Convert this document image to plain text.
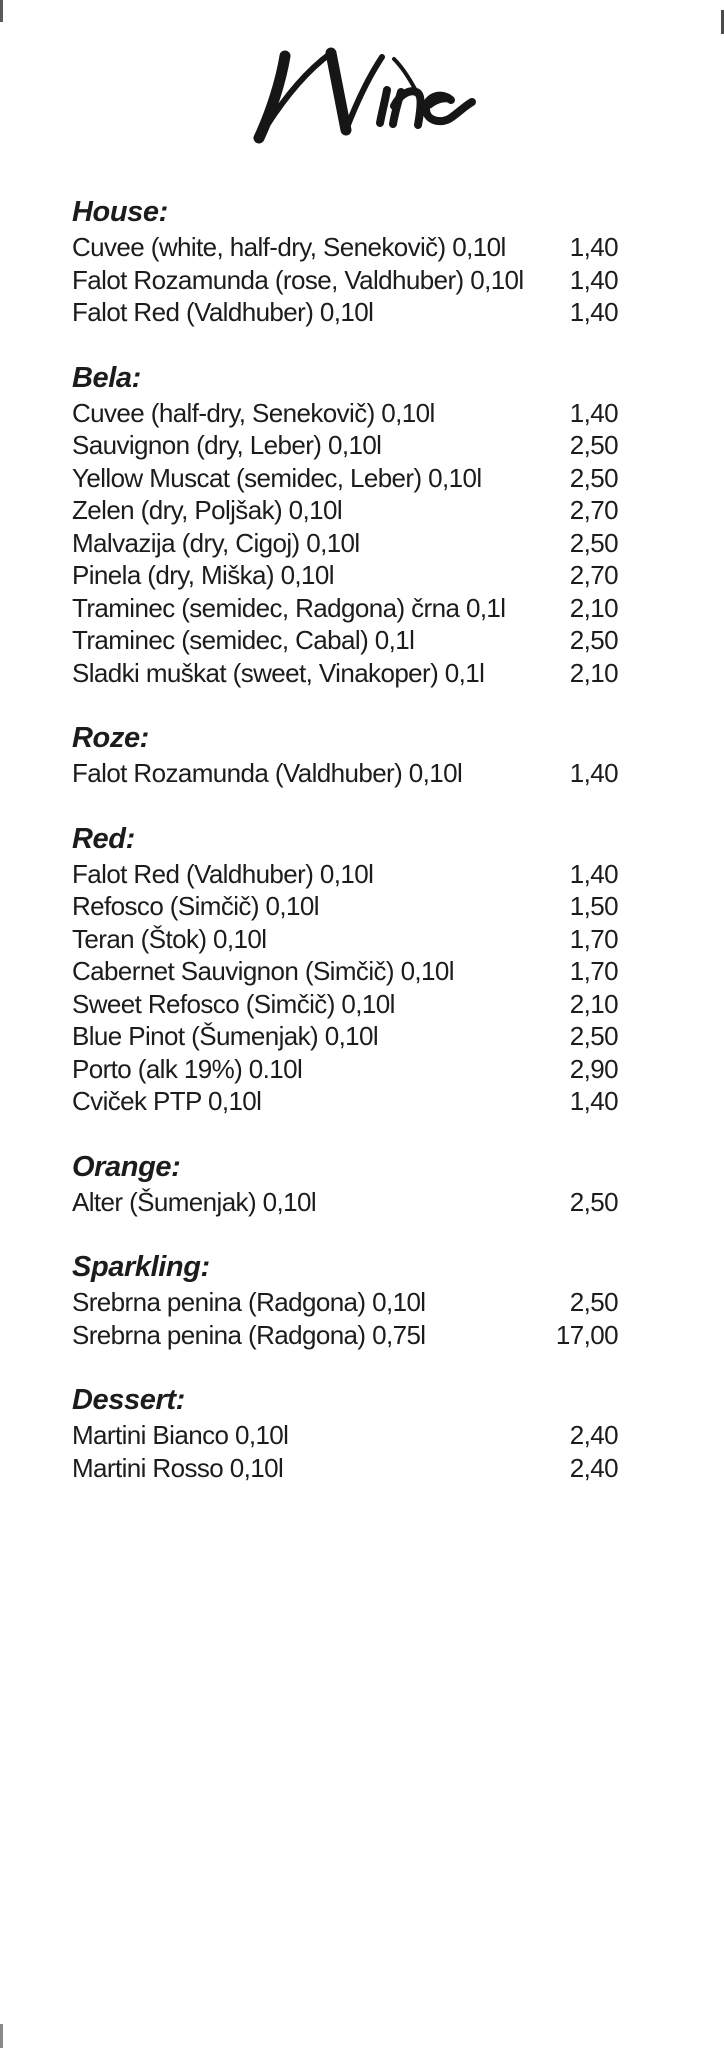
House:
Cuvee (white, half-dry, Senekovič) 0,10l	1,40
Falot Rozamunda (rose, Valdhuber) 0,10l	1,40
Falot Red (Valdhuber) 0,10l	1,40
Bela:
Cuvee (half-dry, Senekovič) 0,10l	1,40
Sauvignon (dry, Leber) 0,10l	2,50
Yellow Muscat (semidec, Leber) 0,10l	2,50
Zelen (dry, Poljšak) 0,10l	2,70
Malvazija (dry, Cigoj) 0,10l	2,50
Pinela (dry, Miška) 0,10l	2,70
Traminec (semidec, Radgona) črna 0,1l	2,10
Traminec (semidec, Cabal) 0,1l	2,50
Sladki muškat (sweet, Vinakoper) 0,1l	2,10
Roze:
Falot Rozamunda (Valdhuber) 0,10l	1,40
Red:
Falot Red (Valdhuber) 0,10l	1,40
Refosco (Simčič) 0,10l	1,50
Teran (Štok) 0,10l	1,70
Cabernet Sauvignon (Simčič) 0,10l	1,70
Sweet Refosco (Simčič) 0,10l	2,10
Blue Pinot (Šumenjak) 0,10l	2,50
Porto (alk 19%) 0.10l	2,90
Cviček PTP 0,10l	1,40
Orange:
Alter (Šumenjak) 0,10l	2,50
Sparkling:
Srebrna penina (Radgona) 0,10l	2,50
Srebrna penina (Radgona) 0,75l	17,00
Dessert:
Martini Bianco 0,10l	2,40
Martini Rosso 0,10l	2,40
